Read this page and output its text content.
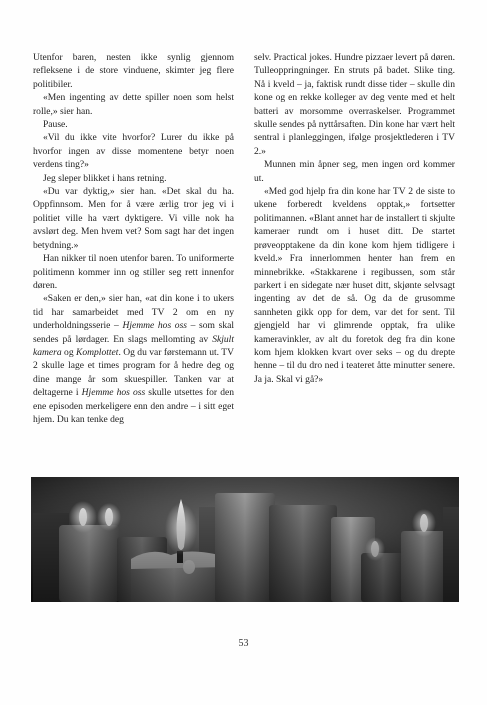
Utenfor baren, nesten ikke synlig gjennom refleksene i de store vinduene, skimter jeg flere politibiler.

«Men ingenting av dette spiller noen som helst rolle,» sier han.

Pause.

«Vil du ikke vite hvorfor? Lurer du ikke på hvorfor ingen av disse momentene betyr noen verdens ting?»

Jeg sleper blikket i hans retning.

«Du var dyktig,» sier han. «Det skal du ha. Oppfinnsom. Men for å være ærlig tror jeg vi i politiet ville ha vært dyktigere. Vi ville nok ha avslørt deg. Men hvem vet? Som sagt har det ingen betydning.»

Han nikker til noen utenfor baren. To uniformerte politimenn kommer inn og stiller seg rett innenfor døren.

«Saken er den,» sier han, «at din kone i to ukers tid har samarbeidet med TV 2 om en ny underholdningsserie – Hjemme hos oss – som skal sendes på lørdager. En slags mellomting av Skjult kamera og Komplottet. Og du var førstemann ut. TV 2 skulle lage et times program for å hedre deg og dine mange år som skuespiller. Tanken var at deltagerne i Hjemme hos oss skulle utsettes for den ene episoden merkeligere enn den andre – i sitt eget hjem. Du kan tenke deg

selv. Practical jokes. Hundre pizzaer levert på døren. Tulleoppringninger. En struts på badet. Slike ting. Nå i kveld – ja, faktisk rundt disse tider – skulle din kone og en rekke kolleger av deg vente med et helt batteri av morsomme overraskelser. Programmet skulle sendes på nyttårsaften. Din kone har vært helt sentral i planleggingen, ifølge prosjektlederen i TV 2.»

Munnen min åpner seg, men ingen ord kommer ut.

«Med god hjelp fra din kone har TV 2 de siste to ukene forberedt kveldens opptak,» fortsetter politimannen. «Blant annet har de installert ti skjulte kameraer rundt om i huset ditt. De startet prøveopptakene da din kone kom hjem tidligere i kveld.» Fra innerlommen henter han frem en minnebrikke. «Stakkarene i regibussen, som står parkert i en sidegate nær huset ditt, skjønte selvsagt ingenting av det de så. Og da de grusomme sannheten gikk opp for dem, var det for sent. Til gjengjeld har vi glimrende opptak, fra ulike kameravinkler, av alt du foretok deg fra din kone kom hjem klokken kvart over seks – og du drepte henne – til du dro ned i teateret åtte minutter senere. Ja ja. Skal vi gå?»

53
